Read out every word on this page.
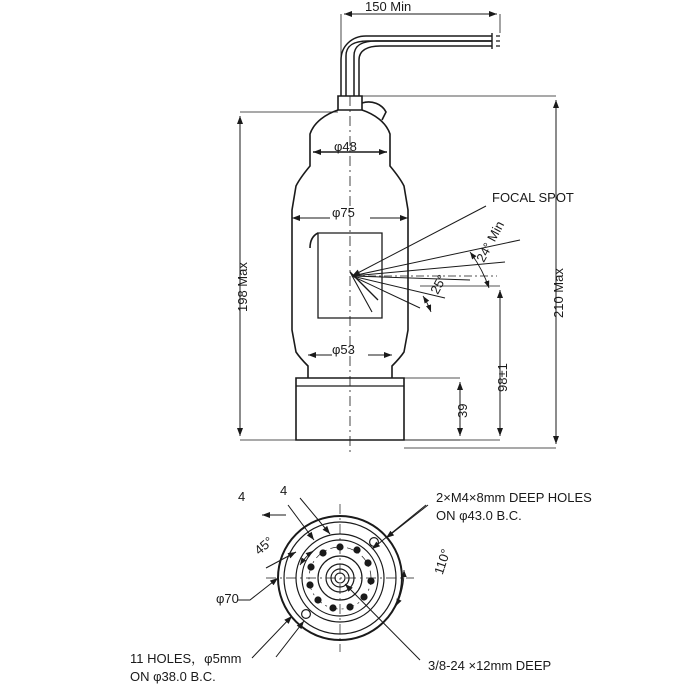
150 Min
φ48
φ75
φ53
FOCAL SPOT
198 Max	210 Max
98±1
39
24° Min
25°
4	4
45°
110°
φ70
2×M4×8mm DEEP HOLES
ON φ43.0 B.C.
11 HOLES，φ5mm
ON φ38.0 B.C.
3/8-24 ×12mm DEEP
